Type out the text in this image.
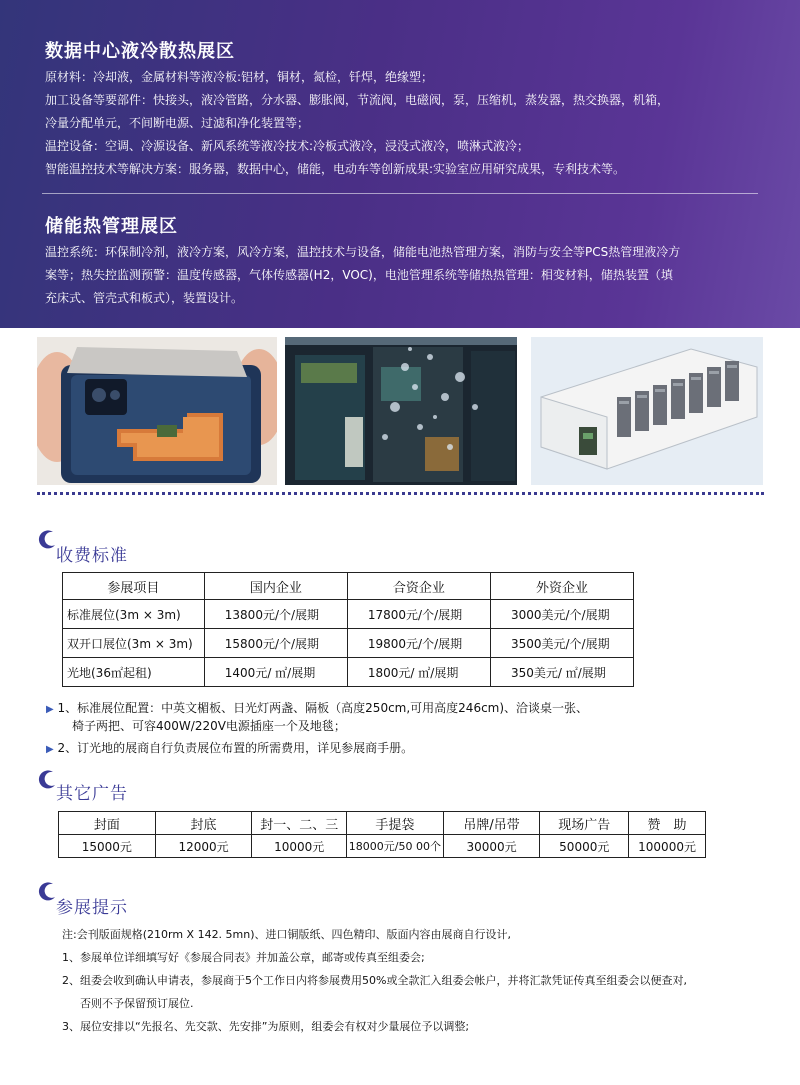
数据中心液冷散热展区
原材料：冷却液，金属材料等液冷板:铝材，铜材，氮检，钎焊，绝缘塑；
加工设备等要部件：快接头，液冷管路，分水器、膨胀阀，节流阀，电磁阀，泵，压缩机，蒸发器，热交换器，机箱，
冷量分配单元，不间断电源、过滤和净化装置等；
温控设备：空调、冷源设备、新风系统等液冷技术:冷板式液冷，浸没式液冷，喷淋式液冷；
智能温控技术等解决方案：服务器，数据中心，储能，电动车等创新成果:实验室应用研究成果，专利技术等。
储能热管理展区
温控系统：环保制冷剂，液冷方案，风冷方案，温控技术与设备，储能电池热管理方案，消防与安全等PCS热管理液冷方
案等；热失控监测预警：温度传感器，气体传感器(H2，VOC)，电池管理系统等储热热管理：相变材料，储热装置（填
充床式、管壳式和板式），装置设计。
收费标准
参展项目	国内企业	合资企业	外资企业
标准展位(3m × 3m)	13800元/个/展期	17800元/个/展期	3000美元/个/展期
双开口展位(3m × 3m)	15800元/个/展期	19800元/个/展期	3500美元/个/展期
光地(36㎡起租)	1400元/ ㎡/展期	1800元/ ㎡/展期	350美元/ ㎡/展期
▶ 1、标准展位配置：中英文楣板、日光灯两盏、隔板（高度250cm,可用高度246cm)、洽谈桌一张、
椅子两把、可容400W/220V电源插座一个及地毯；
▶ 2、订光地的展商自行负责展位布置的所需费用，详见参展商手册。
其它广告
封面	封底	封一、二、三	手提袋	吊牌/吊带	现场广告	赞　助
15000元	12000元	10000元	18000元/50 00个	30000元	50000元	100000元
参展提示
注:会刊版面规格(210rm X 142. 5mn)、进口铜版纸、四色精印、版面内容由展商自行设计,
1、参展单位详细填写好《参展合同表》并加盖公章，邮寄或传真至组委会;
2、组委会收到确认申请表，参展商于5个工作日内将参展费用50%或全款汇入组委会帐户，并将汇款凭证传真至组委会以便查对,
否则不予保留预订展位.
3、展位安排以“先报名、先交款、先安排”为原则，组委会有权对少量展位予以调整;
